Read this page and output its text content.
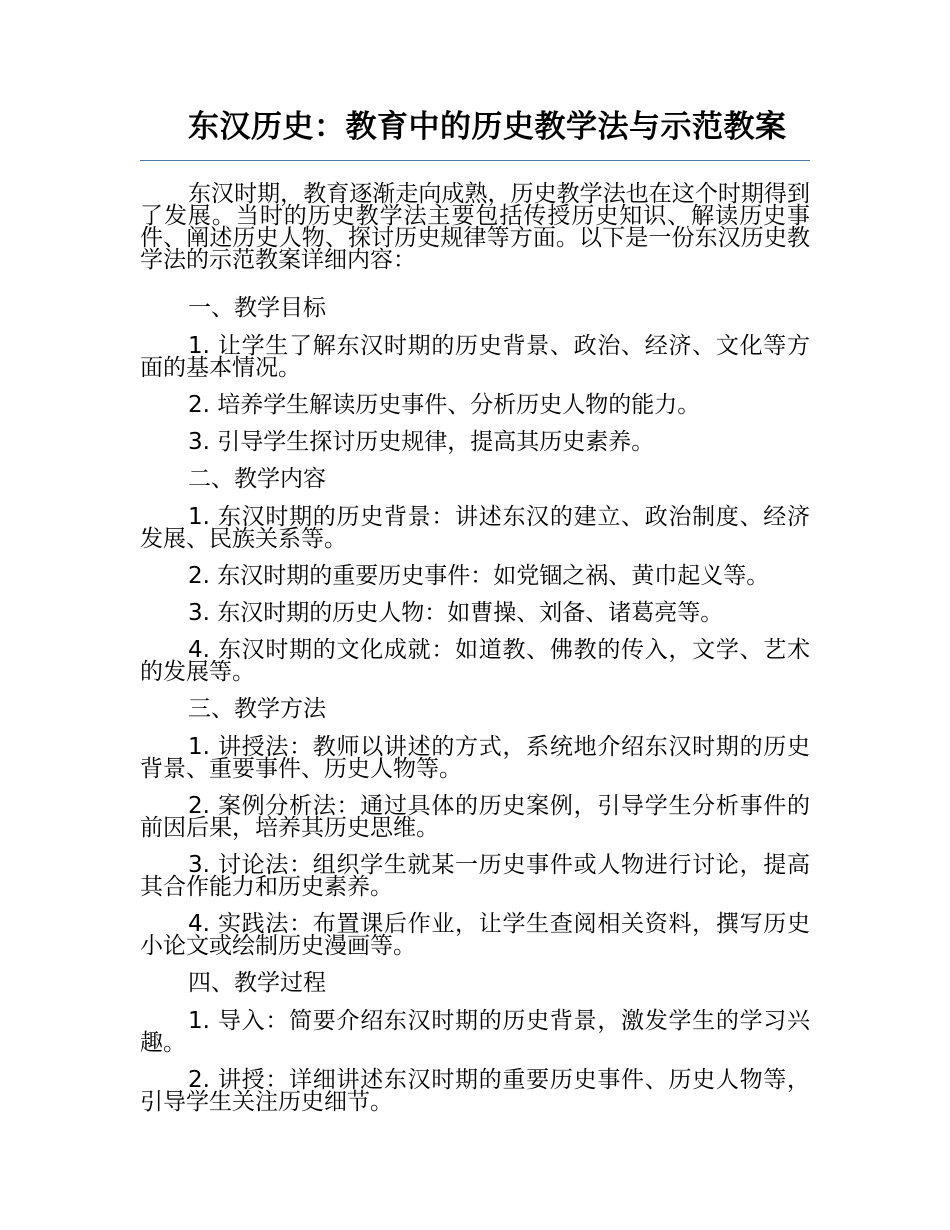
东汉历史：教育中的历史教学法与示范教案

东汉时期，教育逐渐走向成熟，历史教学法也在这个时期得到了发展。当时的历史教学法主要包括传授历史知识、解读历史事件、阐述历史人物、探讨历史规律等方面。以下是一份东汉历史教学法的示范教案详细内容：

一、教学目标

1. 让学生了解东汉时期的历史背景、政治、经济、文化等方面的基本情况。

2. 培养学生解读历史事件、分析历史人物的能力。

3. 引导学生探讨历史规律，提高其历史素养。

二、教学内容

1. 东汉时期的历史背景：讲述东汉的建立、政治制度、经济发展、民族关系等。

2. 东汉时期的重要历史事件：如党锢之祸、黄巾起义等。

3. 东汉时期的历史人物：如曹操、刘备、诸葛亮等。

4. 东汉时期的文化成就：如道教、佛教的传入，文学、艺术的发展等。

三、教学方法

1. 讲授法：教师以讲述的方式，系统地介绍东汉时期的历史背景、重要事件、历史人物等。

2. 案例分析法：通过具体的历史案例，引导学生分析事件的前因后果，培养其历史思维。

3. 讨论法：组织学生就某一历史事件或人物进行讨论，提高其合作能力和历史素养。

4. 实践法：布置课后作业，让学生查阅相关资料，撰写历史小论文或绘制历史漫画等。

四、教学过程

1. 导入：简要介绍东汉时期的历史背景，激发学生的学习兴趣。

2. 讲授：详细讲述东汉时期的重要历史事件、历史人物等，引导学生关注历史细节。
